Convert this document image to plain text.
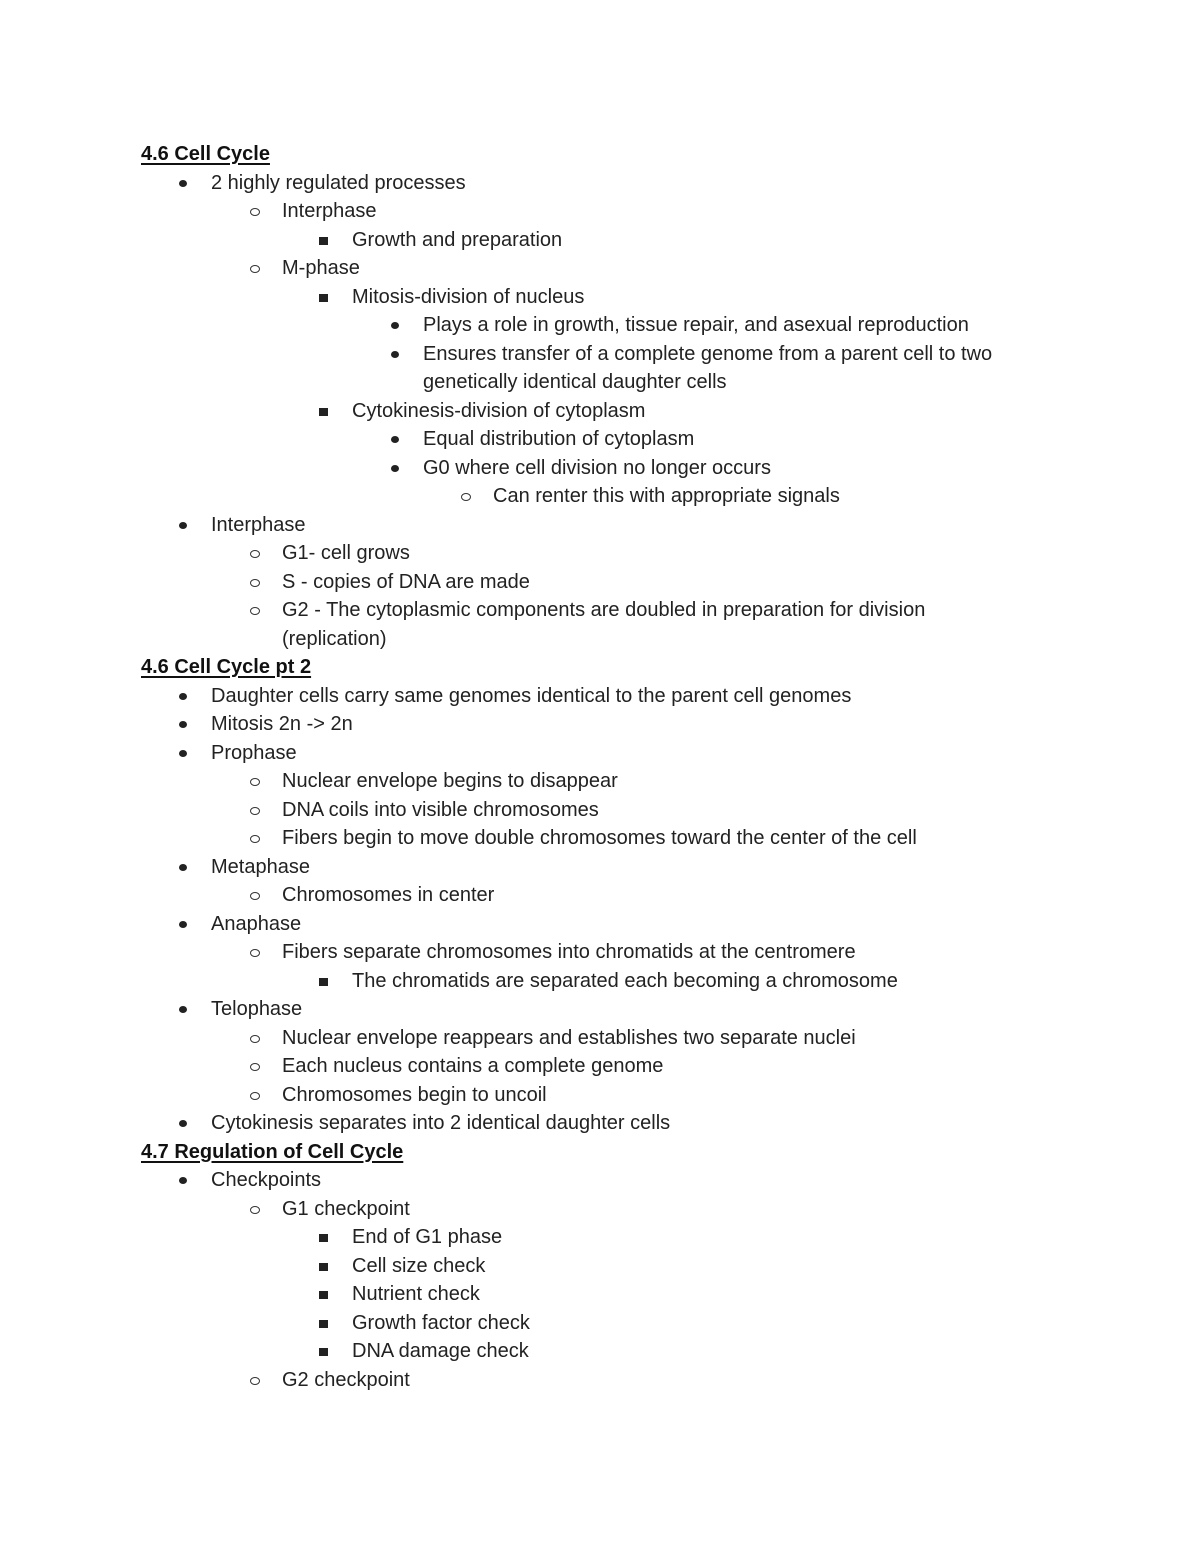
4.6 Cell Cycle
2 highly regulated processes
Interphase
Growth and preparation
M-phase
Mitosis-division of nucleus
Plays a role in growth, tissue repair, and asexual reproduction
Ensures transfer of a complete genome from a parent cell to two
genetically identical daughter cells
Cytokinesis-division of cytoplasm
Equal distribution of cytoplasm
G0 where cell division no longer occurs
Can renter this with appropriate signals
Interphase
G1- cell grows
S - copies of DNA are made
G2 - The cytoplasmic components are doubled in preparation for division
(replication)
4.6 Cell Cycle pt 2
Daughter cells carry same genomes identical to the parent cell genomes
Mitosis 2n -> 2n
Prophase
Nuclear envelope begins to disappear
DNA coils into visible chromosomes
Fibers begin to move double chromosomes toward the center of the cell
Metaphase
Chromosomes in center
Anaphase
Fibers separate chromosomes into chromatids at the centromere
The chromatids are separated each becoming a chromosome
Telophase
Nuclear envelope reappears and establishes two separate nuclei
Each nucleus contains a complete genome
Chromosomes begin to uncoil
Cytokinesis separates into 2 identical daughter cells
4.7 Regulation of Cell Cycle
Checkpoints
G1 checkpoint
End of G1 phase
Cell size check
Nutrient check
Growth factor check
DNA damage check
G2 checkpoint
